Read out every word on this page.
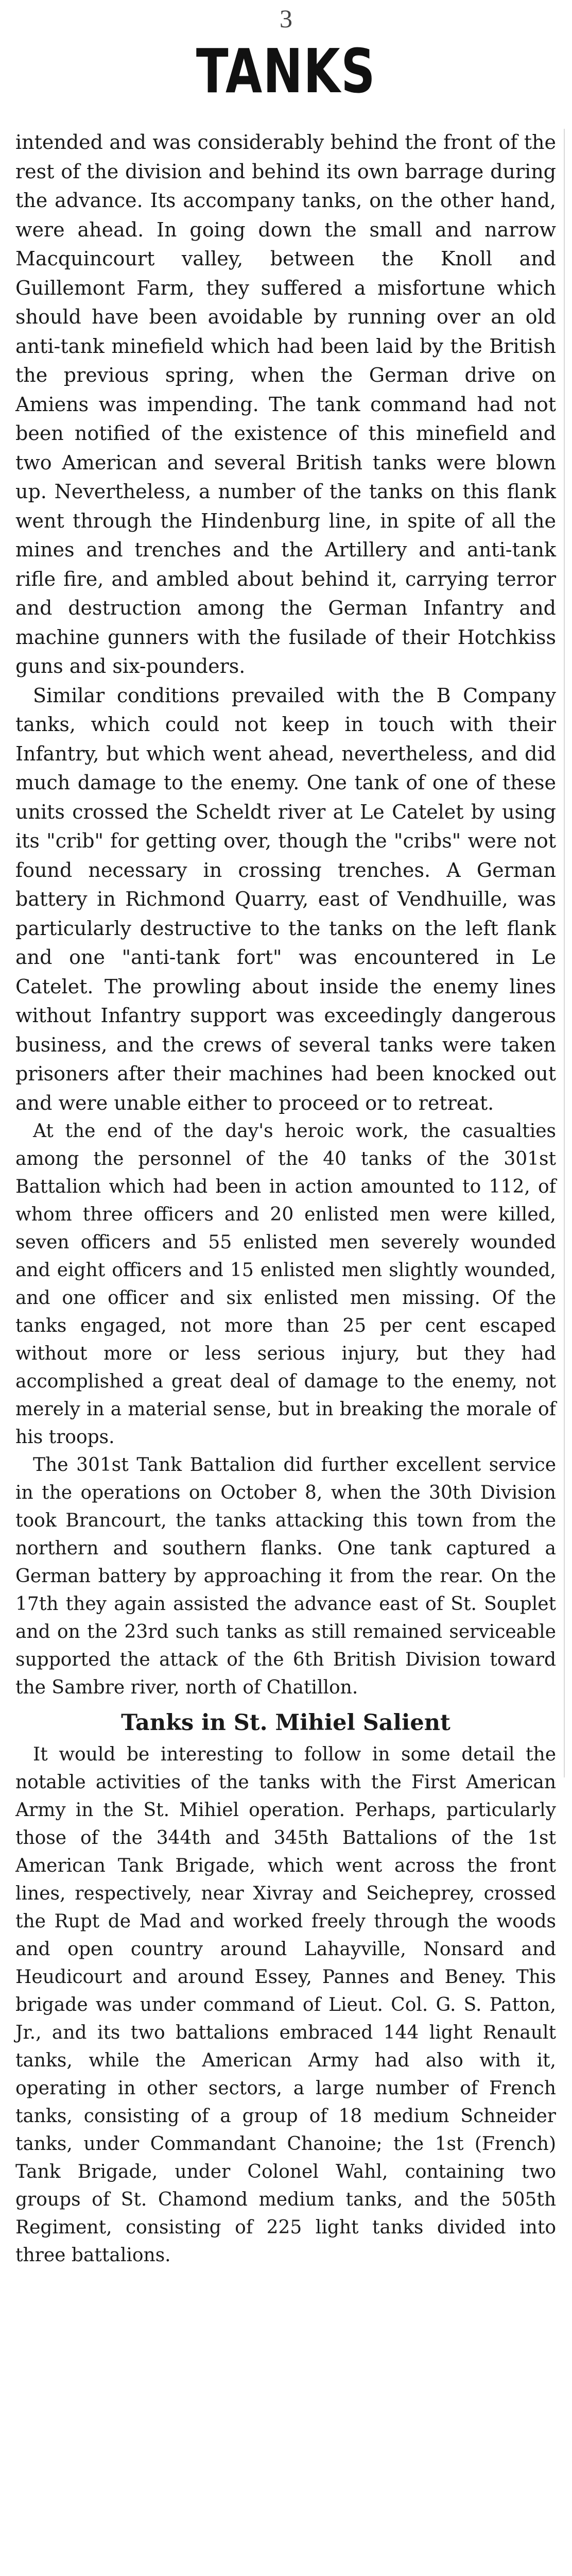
3
TANKS

intended and was considerably behind the front of the rest of the division and behind its own barrage during the advance. Its accompany tanks, on the other hand, were ahead. In going down the small and narrow Macquincourt valley, between the Knoll and Guillemont Farm, they suffered a misfortune which should have been avoidable by running over an old anti-tank minefield which had been laid by the British the previous spring, when the German drive on Amiens was impending. The tank command had not been notified of the existence of this minefield and two American and several British tanks were blown up. Nevertheless, a number of the tanks on this flank went through the Hindenburg line, in spite of all the mines and trenches and the Artillery and anti-tank rifle fire, and ambled about behind it, carrying terror and destruction among the German Infantry and machine gunners with the fusilade of their Hotchkiss guns and six-pounders.

Similar conditions prevailed with the B Company tanks, which could not keep in touch with their Infantry, but which went ahead, nevertheless, and did much damage to the enemy. One tank of one of these units crossed the Scheldt river at Le Catelet by using its "crib" for getting over, though the "cribs" were not found necessary in crossing trenches. A German battery in Richmond Quarry, east of Vendhuille, was particularly destructive to the tanks on the left flank and one "anti-tank fort" was encountered in Le Catelet. The prowling about inside the enemy lines without Infantry support was exceedingly dangerous business, and the crews of several tanks were taken prisoners after their machines had been knocked out and were unable either to proceed or to retreat.

At the end of the day's heroic work, the casualties among the personnel of the 40 tanks of the 301st Battalion which had been in action amounted to 112, of whom three officers and 20 enlisted men were killed, seven officers and 55 enlisted men severely wounded and eight officers and 15 enlisted men slightly wounded, and one officer and six enlisted men missing. Of the tanks engaged, not more than 25 per cent escaped without more or less serious injury, but they had accomplished a great deal of damage to the enemy, not merely in a material sense, but in breaking the morale of his troops.

The 301st Tank Battalion did further excellent service in the operations on October 8, when the 30th Division took Brancourt, the tanks attacking this town from the northern and southern flanks. One tank captured a German battery by approaching it from the rear. On the 17th they again assisted the advance east of St. Souplet and on the 23rd such tanks as still remained serviceable supported the attack of the 6th British Division toward the Sambre river, north of Chatillon.

Tanks in St. Mihiel Salient

It would be interesting to follow in some detail the notable activities of the tanks with the First American Army in the St. Mihiel operation. Perhaps, particularly those of the 344th and 345th Battalions of the 1st American Tank Brigade, which went across the front lines, respectively, near Xivray and Seicheprey, crossed the Rupt de Mad and worked freely through the woods and open country around Lahayville, Nonsard and Heudicourt and around Essey, Pannes and Beney. This brigade was under command of Lieut. Col. G. S. Patton, Jr., and its two battalions embraced 144 light Renault tanks, while the American Army had also with it, operating in other sectors, a large number of French tanks, consisting of a group of 18 medium Schneider tanks, under Commandant Chanoine; the 1st (French) Tank Brigade, under Colonel Wahl, containing two groups of St. Chamond medium tanks, and the 505th Regiment, consisting of 225 light tanks divided into three battalions.
